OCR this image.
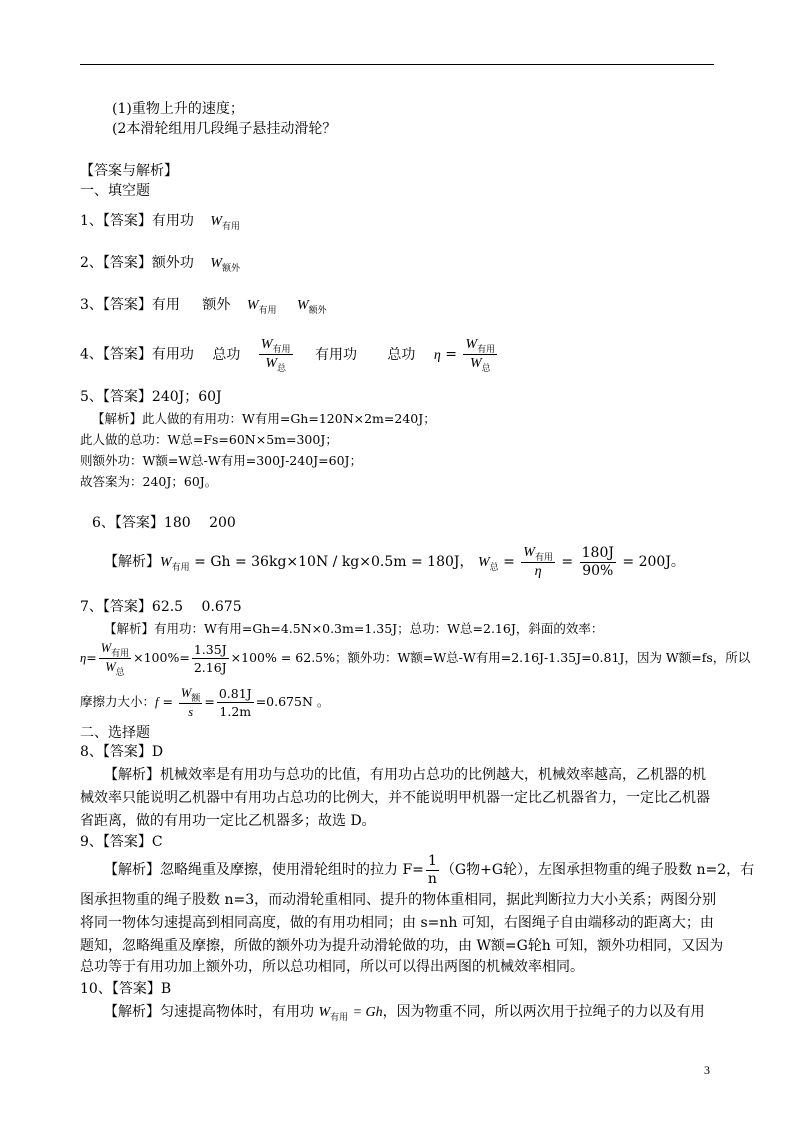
(1)重物上升的速度；
(2本滑轮组用几段绳子悬挂动滑轮？
【答案与解析】
一、填空题
1、【答案】有用功 $W_{有用}$
2、【答案】额外功 $W_{额外}$
3、【答案】有用 额外 $W_{有用}$ $W_{额外}$
4、【答案】有用功 总功 $\frac{W_{有用}}{W_总}$ 有用功 总功 $\eta = \frac{W_{有用}}{W_总}$
5、【答案】240J；60J
【解析】此人做的有用功：W有用=Gh=120N×2m=240J；
此人做的总功：W总=Fs=60N×5m=300J；
则额外功：W额=W总-W有用=300J-240J=60J；
故答案为：240J；60J。
6、【答案】180　 200
【解析】$W_{有用} = Gh = 36kg\times 10N / kg\times 0.5m = 180J$， $W_总 = \frac{W_{有用}}{\eta} = \frac{180J}{90\%} = 200J$。
7、【答案】62.5　 0.675
【解析】有用功：W有用=Gh=4.5N×0.3m=1.35J；总功：W总=2.16J，斜面的效率：
$\eta= \frac{W_{有用}}{W_总} \times 100\%= \frac{1.35J}{2.16J} \times 100\% = 62.5\%$；额外功：W额=W总-W有用=2.16J-1.35J=0.81J，因为 W额=fs，所以
摩擦力大小：$f = \frac{W_额}{s} = \frac{0.81J}{1.2m} =0.675N$ 。
二、选择题
8、【答案】D
【解析】机械效率是有用功与总功的比值，有用功占总功的比例越大，机械效率越高，乙机器的机
械效率只能说明乙机器中有用功占总功的比例大，并不能说明甲机器一定比乙机器省力，一定比乙机器
省距离，做的有用功一定比乙机器多；故选 D。
9、【答案】C
【解析】忽略绳重及摩擦，使用滑轮组时的拉力 $F= \frac{1}{n} (G$物+G轮），左图承担物重的绳子股数 n=2，右
图承担物重的绳子股数 n=3，而动滑轮重相同、提升的物体重相同，据此判断拉力大小关系；两图分别
将同一物体匀速提高到相同高度，做的有用功相同；由 s=nh 可知，右图绳子自由端移动的距离大；由
题知，忽略绳重及摩擦，所做的额外功为提升动滑轮做的功，由 W额=G轮h 可知，额外功相同，又因为
总功等于有用功加上额外功，所以总功相同，所以可以得出两图的机械效率相同。
10、【答案】B
【解析】匀速提高物体时，有用功 $W_{有用} = Gh$，因为物重不同，所以两次用于拉绳子的力以及有用
3
